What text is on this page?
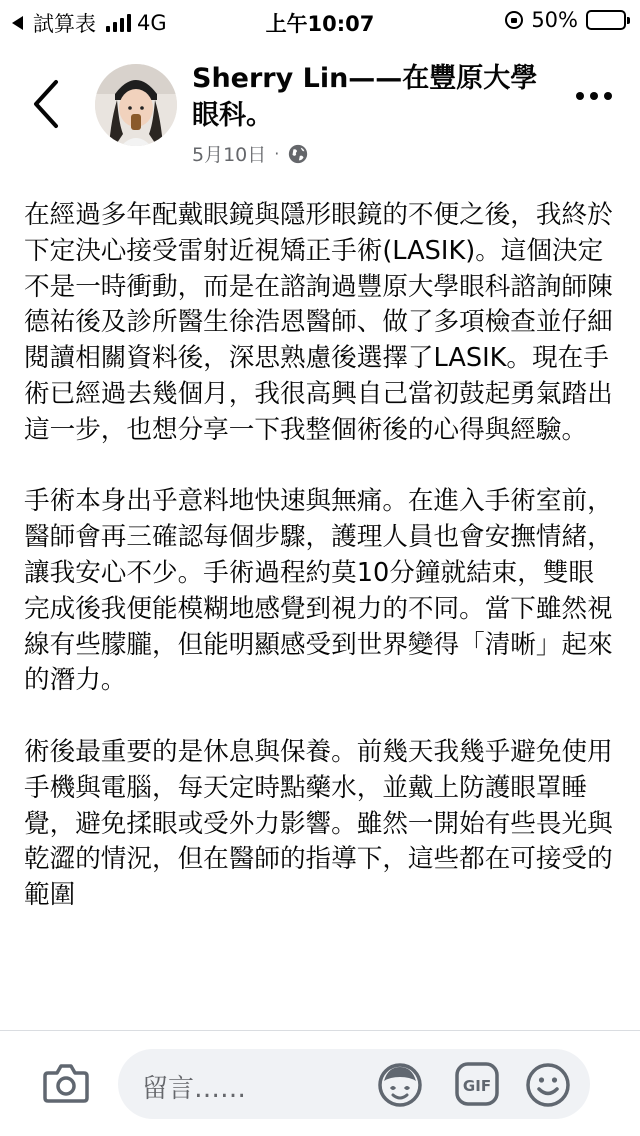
試算表 4G	上午10:07	50%
Sherry Lin——在豐原大學眼科。
5月10日 ·

在經過多年配戴眼鏡與隱形眼鏡的不便之後，我終於下定決心接受雷射近視矯正手術(LASIK)。這個決定不是一時衝動，而是在諮詢過豐原大學眼科諮詢師陳德祐後及診所醫生徐浩恩醫師、做了多項檢查並仔細閱讀相關資料後，深思熟慮後選擇了LASIK。現在手術已經過去幾個月，我很高興自己當初鼓起勇氣踏出這一步，也想分享一下我整個術後的心得與經驗。

手術本身出乎意料地快速與無痛。在進入手術室前，醫師會再三確認每個步驟，護理人員也會安撫情緒，讓我安心不少。手術過程約莫10分鐘就結束，雙眼完成後我便能模糊地感覺到視力的不同。當下雖然視線有些朦朧，但能明顯感受到世界變得「清晰」起來的潛力。

術後最重要的是休息與保養。前幾天我幾乎避免使用手機與電腦，每天定時點藥水，並戴上防護眼罩睡覺，避免揉眼或受外力影響。雖然一開始有些畏光與乾澀的情況，但在醫師的指導下，這些都在可接受的範圍

留言……	GIF
